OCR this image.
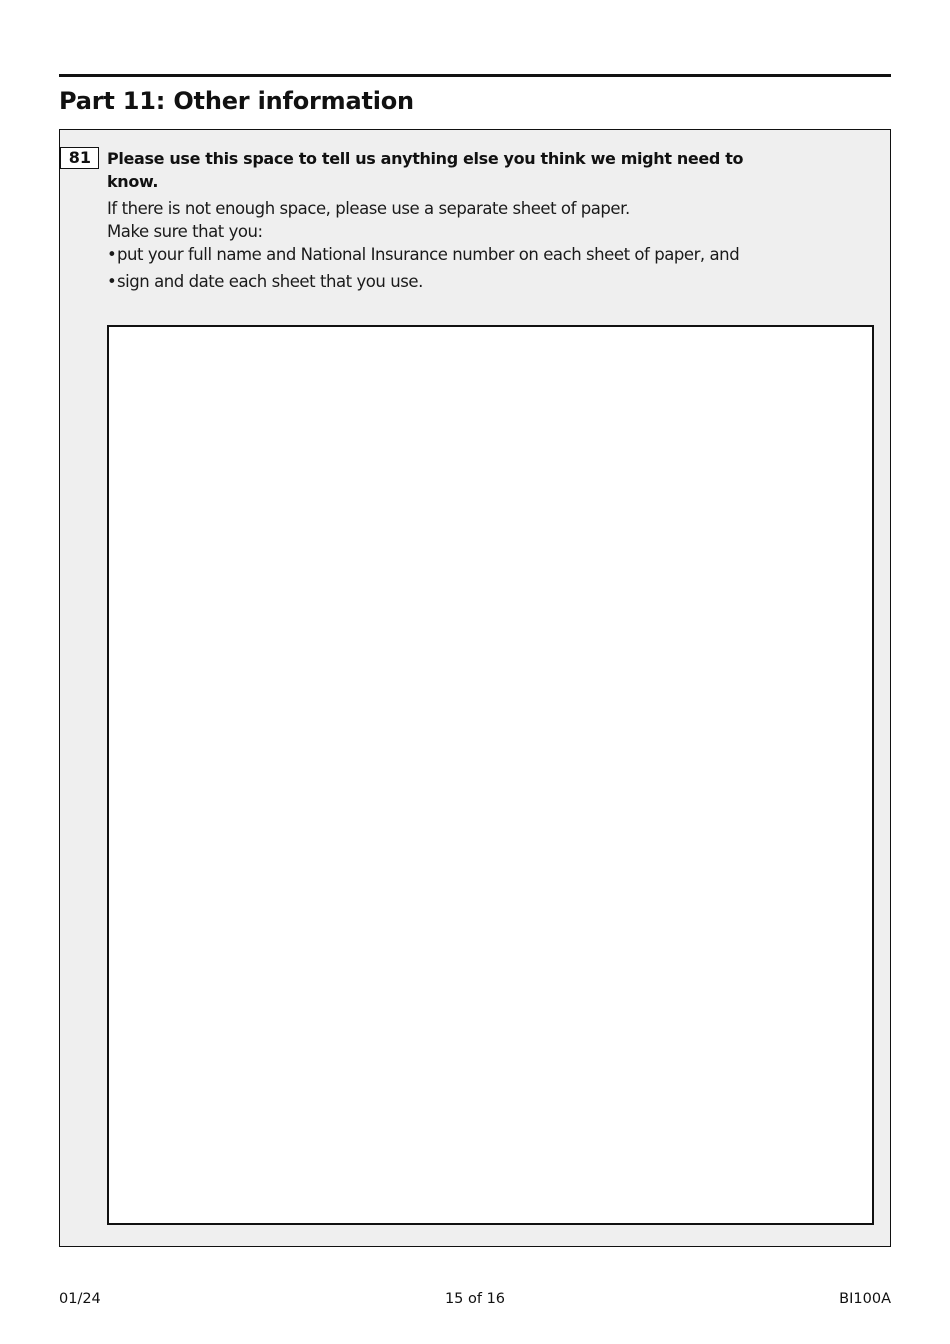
Part 11: Other information
81	Please use this space to tell us anything else you think we might need to know.

If there is not enough space, please use a separate sheet of paper.

Make sure that you:

• put your full name and National Insurance number on each sheet of paper, and
• sign and date each sheet that you use.
01/24	15 of 16	BI100A
